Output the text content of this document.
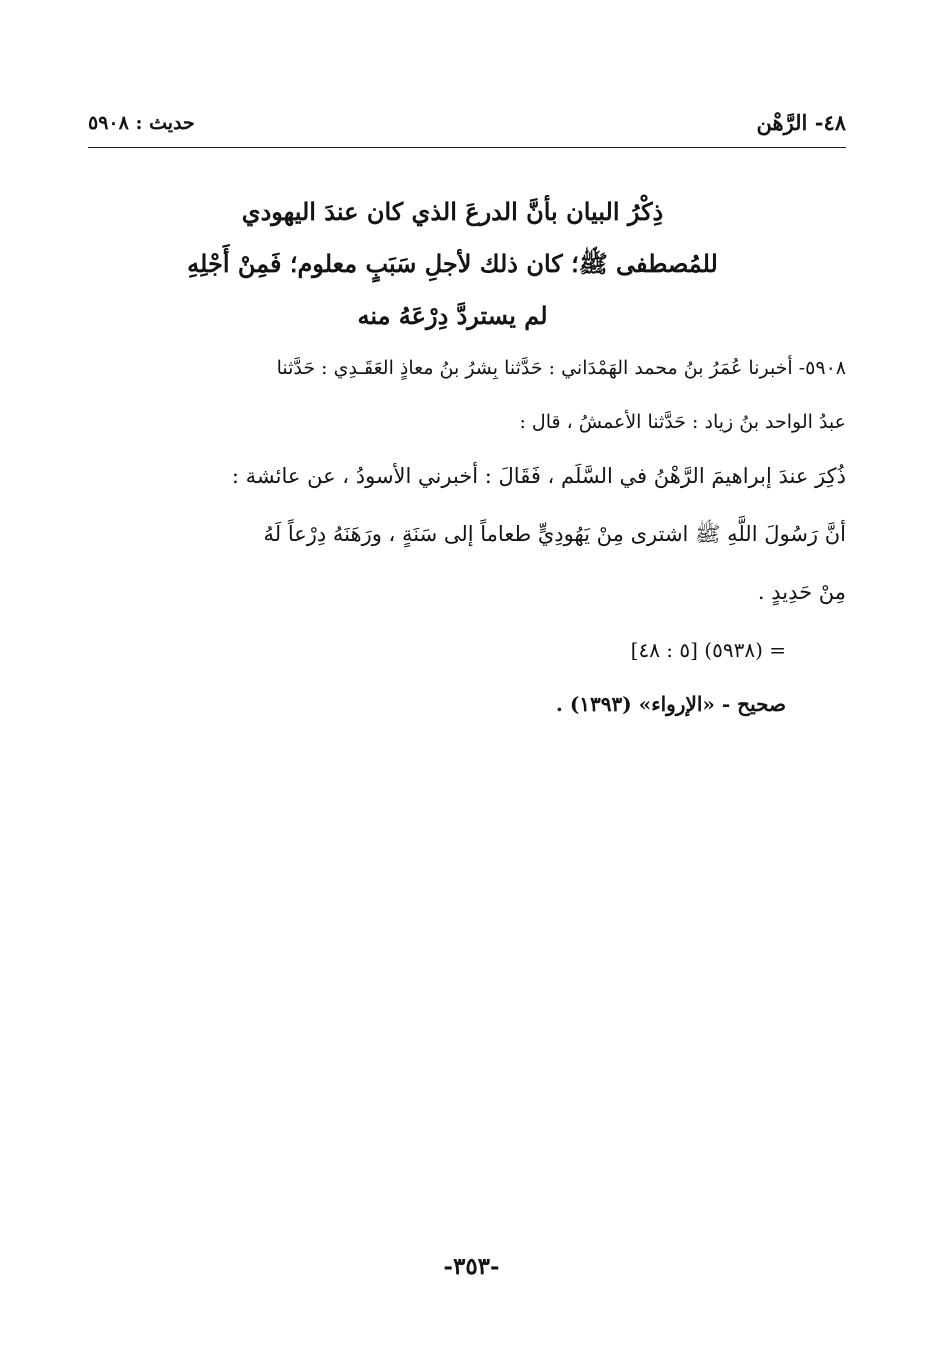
٤٨- الرَّهْن
حديث : ٥٩٠٨
ذِكْرُ البيان بأنَّ الدرعَ الذي كان عندَ اليهودي
للمُصطفى ﷺ؛ كان ذلك لأجلِ سَبَبٍ معلوم؛ فَمِنْ أَجْلِهِ
لم يستردَّ دِرْعَهُ منه
٥٩٠٨- أخبرنا عُمَرُ بنُ محمد الهَمْدَاني : حَدَّثنا بِشرُ بنُ معاذٍ العَقَـدِي : حَدَّثنا
عبدُ الواحد بنُ زياد : حَدَّثنا الأعمشُ ، قال :
ذُكِرَ عندَ إبراهيمَ الرَّهْنُ في السَّلَم ، فَقَالَ : أخبرني الأسودُ ، عن عائشة :
أنَّ رَسُولَ اللَّهِ ﷺ اشترى مِنْ يَهُودِيٍّ طعاماً إلى سَنَةٍ ، ورَهَنَهُ دِرْعاً لَهُ
مِنْ حَدِيدٍ .
= (٥٩٣٨) [٥ : ٤٨]
صحيح - «الإرواء» (١٣٩٣) .
-٣٥٣-
